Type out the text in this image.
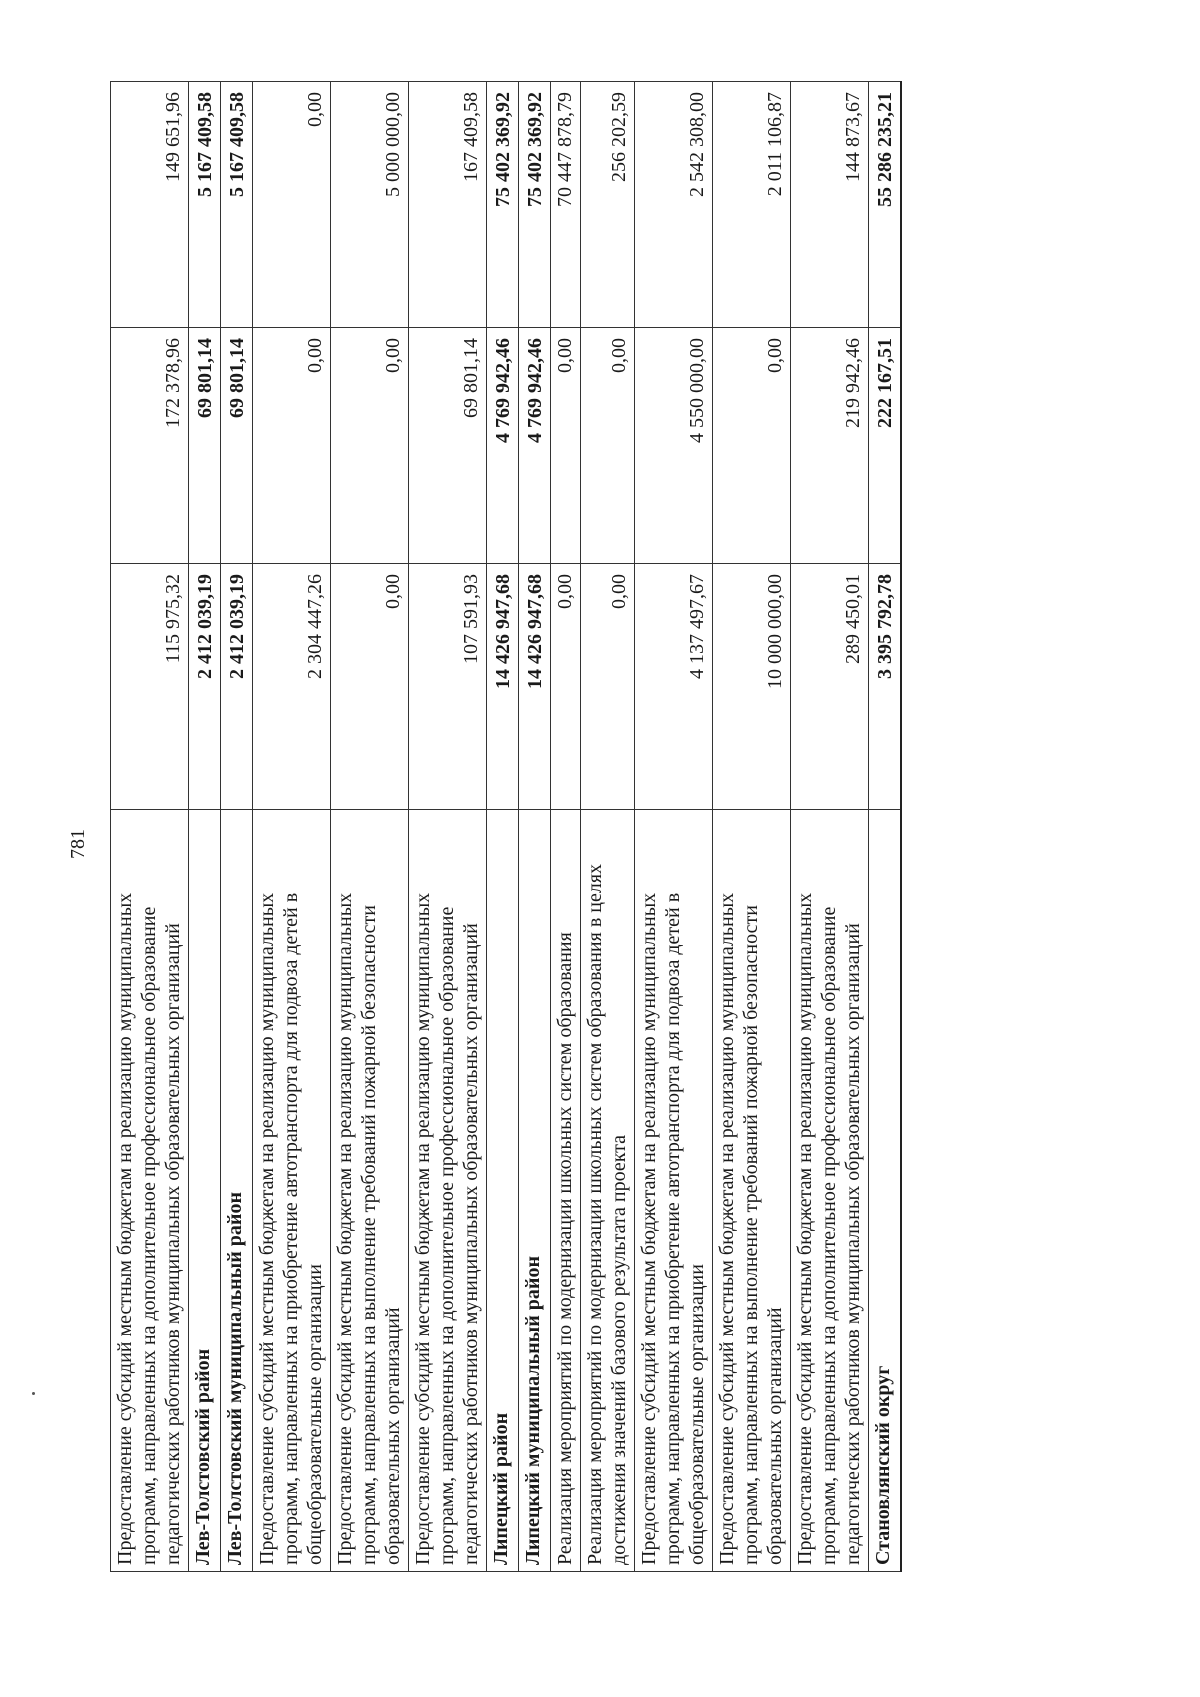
781
Предоставление субсидий местным бюджетам на реализацию муниципальных программ, направленных на дополнительное профессиональное образование педагогических работников муниципальных образовательных организаций	115 975,32	172 378,96	149 651,96
Лев-Толстовский район	2 412 039,19	69 801,14	5 167 409,58
Лев-Толстовский муниципальный район	2 412 039,19	69 801,14	5 167 409,58
Предоставление субсидий местным бюджетам на реализацию муниципальных программ, направленных на приобретение автотранспорта для подвоза детей в общеобразовательные организации	2 304 447,26	0,00	0,00
Предоставление субсидий местным бюджетам на реализацию муниципальных программ, направленных на выполнение требований пожарной безопасности образовательных организаций	0,00	0,00	5 000 000,00
Предоставление субсидий местным бюджетам на реализацию муниципальных программ, направленных на дополнительное профессиональное образование педагогических работников муниципальных образовательных организаций	107 591,93	69 801,14	167 409,58
Липецкий район	14 426 947,68	4 769 942,46	75 402 369,92
Липецкий муниципальный район	14 426 947,68	4 769 942,46	75 402 369,92
Реализация мероприятий по модернизации школьных систем образования	0,00	0,00	70 447 878,79
Реализация мероприятий по модернизации школьных систем образования в целях достижения значений базового результата проекта	0,00	0,00	256 202,59
Предоставление субсидий местным бюджетам на реализацию муниципальных программ, направленных на приобретение автотранспорта для подвоза детей в общеобразовательные организации	4 137 497,67	4 550 000,00	2 542 308,00
Предоставление субсидий местным бюджетам на реализацию муниципальных программ, направленных на выполнение требований пожарной безопасности образовательных организаций	10 000 000,00	0,00	2 011 106,87
Предоставление субсидий местным бюджетам на реализацию муниципальных программ, направленных на дополнительное профессиональное образование педагогических работников муниципальных образовательных организаций	289 450,01	219 942,46	144 873,67
Становлянский округ	3 395 792,78	222 167,51	55 286 235,21
